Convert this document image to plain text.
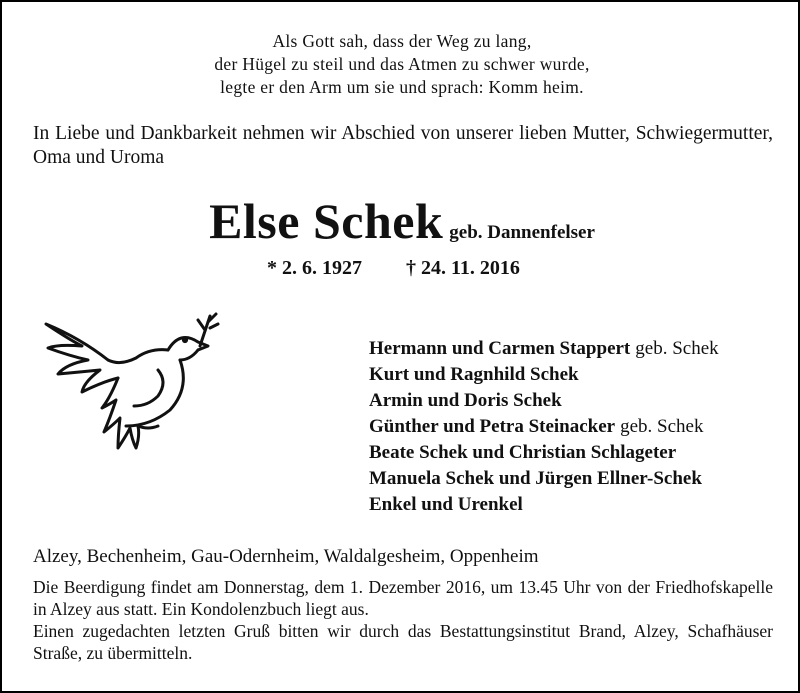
Als Gott sah, dass der Weg zu lang,
der Hügel zu steil und das Atmen zu schwer wurde,
legte er den Arm um sie und sprach: Komm heim.
In Liebe und Dankbarkeit nehmen wir Abschied von unserer lieben Mutter, Schwiegermutter, Oma und Uroma
Else Schek geb. Dannenfelser
* 2. 6. 1927 † 24. 11. 2016
Hermann und Carmen Stappert geb. Schek
Kurt und Ragnhild Schek
Armin und Doris Schek
Günther und Petra Steinacker geb. Schek
Beate Schek und Christian Schlageter
Manuela Schek und Jürgen Ellner-Schek
Enkel und Urenkel
Alzey, Bechenheim, Gau-Odernheim, Waldalgesheim, Oppenheim
Die Beerdigung findet am Donnerstag, dem 1. Dezember 2016, um 13.45 Uhr von der Friedhofskapelle in Alzey aus statt. Ein Kondolenzbuch liegt aus.
Einen zugedachten letzten Gruß bitten wir durch das Bestattungsinstitut Brand, Alzey, Schafhäuser Straße, zu übermitteln.
